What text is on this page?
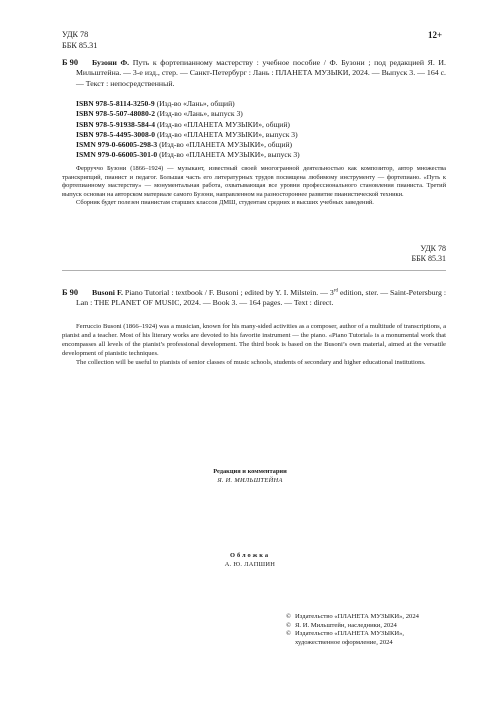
УДК 78
ББК 85.31
12+
Б 90	Бузони Ф. Путь к фортепианному мастерству : учебное пособие / Ф. Бузони ; под редакцией Я. И. Мильштейна. — 3-е изд., стер. — Санкт-Петербург : Лань : ПЛАНЕТА МУЗЫКИ, 2024. — Выпуск 3. — 164 с. — Текст : непосредственный.
ISBN 978-5-8114-3250-9 (Изд-во «Лань», общий)
ISBN 978-5-507-48080-2 (Изд-во «Лань», выпуск 3)
ISBN 978-5-91938-584-4 (Изд-во «ПЛАНЕТА МУЗЫКИ», общий)
ISBN 978-5-4495-3008-0 (Изд-во «ПЛАНЕТА МУЗЫКИ», выпуск 3)
ISMN 979-0-66005-298-3 (Изд-во «ПЛАНЕТА МУЗЫКИ», общий)
ISMN 979-0-66005-301-0 (Изд-во «ПЛАНЕТА МУЗЫКИ», выпуск 3)

Ферруччо Бузони (1866–1924) — музыкант, известный своей многогранной деятельностью как композитор, автор множества транскрипций, пианист и педагог. Большая часть его литературных трудов посвящена любимому инструменту — фортепиано. «Путь к фортепианному мастерству» — монументальная работа, охватывающая все уровни профессионального становления пианиста. Третий выпуск основан на авторском материале самого Бузони, направленном на разностороннее развитие пианистической техники.

Сборник будет полезен пианистам старших классов ДМШ, студентам средних и высших учебных заведений.

УДК 78
ББК 85.31
Б 90	Busoni F. Piano Tutorial : textbook / F. Busoni ; edited by Y. I. Milstein. — 3rd edition, ster. — Saint-Petersburg : Lan : THE PLANET OF MUSIC, 2024. — Book 3. — 164 pages. — Text : direct.

Ferruccio Busoni (1866–1924) was a musician, known for his many-sided activities as a composer, author of a multitude of transcriptions, a pianist and a teacher. Most of his literary works are devoted to his favorite instrument — the piano. «Piano Tutorial» is a monumental work that encompasses all levels of the pianist’s professional development. The third book is based on the Busoni’s own material, aimed at the versatile development of pianistic techniques.

The collection will be useful to pianists of senior classes of music schools, students of secondary and higher educational institutions.

Редакция и комментарии
Я. И. МИЛЬШТЕЙНА
Обложка
А. Ю. ЛАПШИН
© Издательство «ПЛАНЕТА МУЗЫКИ», 2024
© Я. И. Мильштейн, наследники, 2024
© Издательство «ПЛАНЕТА МУЗЫКИ»,
художественное оформление, 2024
